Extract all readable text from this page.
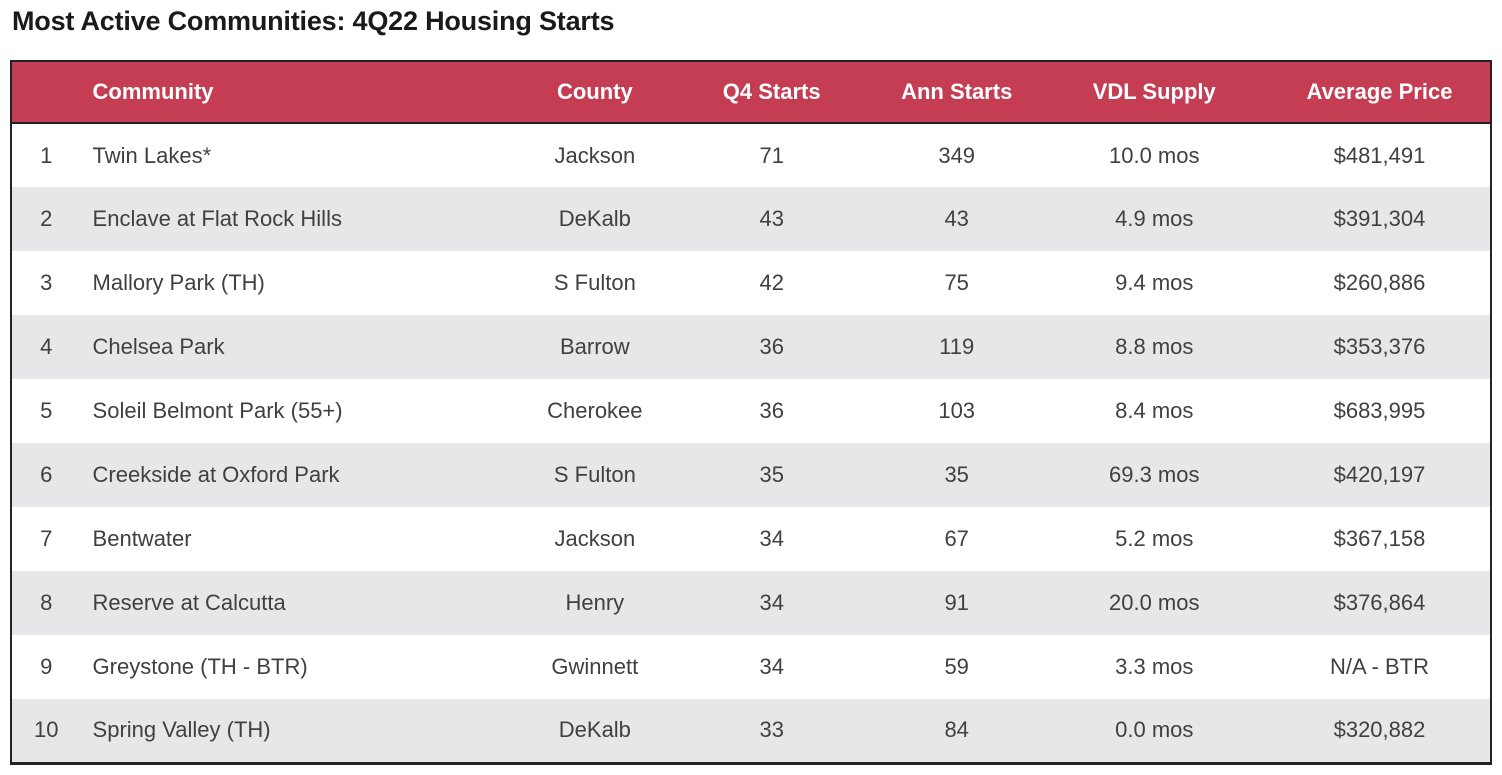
Most Active Communities: 4Q22 Housing Starts
	Community	County	Q4 Starts	Ann Starts	VDL Supply	Average Price
1	Twin Lakes*	Jackson	71	349	10.0 mos	$481,491
2	Enclave at Flat Rock Hills	DeKalb	43	43	4.9 mos	$391,304
3	Mallory Park (TH)	S Fulton	42	75	9.4 mos	$260,886
4	Chelsea Park	Barrow	36	119	8.8 mos	$353,376
5	Soleil Belmont Park (55+)	Cherokee	36	103	8.4 mos	$683,995
6	Creekside at Oxford Park	S Fulton	35	35	69.3 mos	$420,197
7	Bentwater	Jackson	34	67	5.2 mos	$367,158
8	Reserve at Calcutta	Henry	34	91	20.0 mos	$376,864
9	Greystone (TH - BTR)	Gwinnett	34	59	3.3 mos	N/A - BTR
10	Spring Valley (TH)	DeKalb	33	84	0.0 mos	$320,882
